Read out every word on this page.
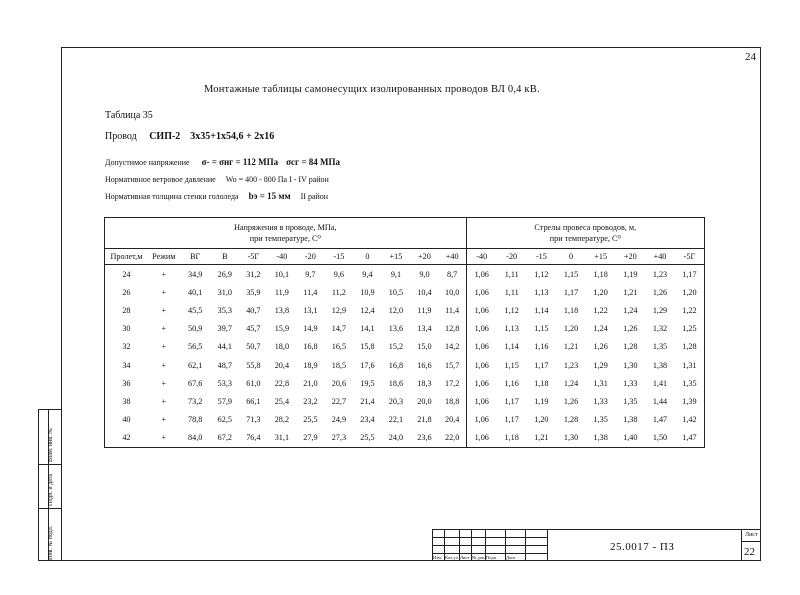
Инв. № подл.
Подп. и дата
Взам. инв. №
24
Монтажные таблицы самонесущих изолированных проводов ВЛ 0,4 кВ.
Таблица 35
Провод СИП-2 3х35+1х54,6 + 2х16
Допустимое напряжение σ- = σнг = 112 МПа σсг = 84 МПа
Нормативное ветровое давление Wo = 400 - 800 Па I - IV район
Нормативная толщина стенки гололеда bэ = 15 мм II район
Напряжения в проводе, МПа,
при температуре, С⁰												Стрелы провеса проводов, м,
при температуре, С⁰							
Пролет,м	Режим	ВГ	В	-5Г	-40	-20	-15	0	+15	+20	+40	-40	-20	-15	0	+15	+20	+40	-5Г
24	+	34,9	26,9	31,2	10,1	9,7	9,6	9,4	9,1	9,0	8,7	1,06	1,11	1,12	1,15	1,18	1,19	1,23	1,17
26	+	40,1	31,0	35,9	11,9	11,4	11,2	10,9	10,5	10,4	10,0	1,06	1,11	1,13	1,17	1,20	1,21	1,26	1,20
28	+	45,5	35,3	40,7	13,8	13,1	12,9	12,4	12,0	11,9	11,4	1,06	1,12	1,14	1,18	1,22	1,24	1,29	1,22
30	+	50,9	39,7	45,7	15,9	14,9	14,7	14,1	13,6	13,4	12,8	1,06	1,13	1,15	1,20	1,24	1,26	1,32	1,25
32	+	56,5	44,1	50,7	18,0	16,8	16,5	15,8	15,2	15,0	14,2	1,06	1,14	1,16	1,21	1,26	1,28	1,35	1,28
34	+	62,1	48,7	55,8	20,4	18,9	18,5	17,6	16,8	16,6	15,7	1,06	1,15	1,17	1,23	1,29	1,30	1,38	1,31
36	+	67,6	53,3	61,0	22,8	21,0	20,6	19,5	18,6	18,3	17,2	1,06	1,16	1,18	1,24	1,31	1,33	1,41	1,35
38	+	73,2	57,9	66,1	25,4	23,2	22,7	21,4	20,3	20,0	18,8	1,06	1,17	1,19	1,26	1,33	1,35	1,44	1,39
40	+	78,8	62,5	71,3	28,2	25,5	24,9	23,4	22,1	21,8	20,4	1,06	1,17	1,20	1,28	1,35	1,38	1,47	1,42
42	+	84,0	67,2	76,4	31,1	27,9	27,3	25,5	24,0	23,6	22,0	1,06	1,18	1,21	1,30	1,38	1,40	1,50	1,47
Изм. Кол.уч Лист № док. Подп. Дата
25.0017 - ПЗ
Лист
22
